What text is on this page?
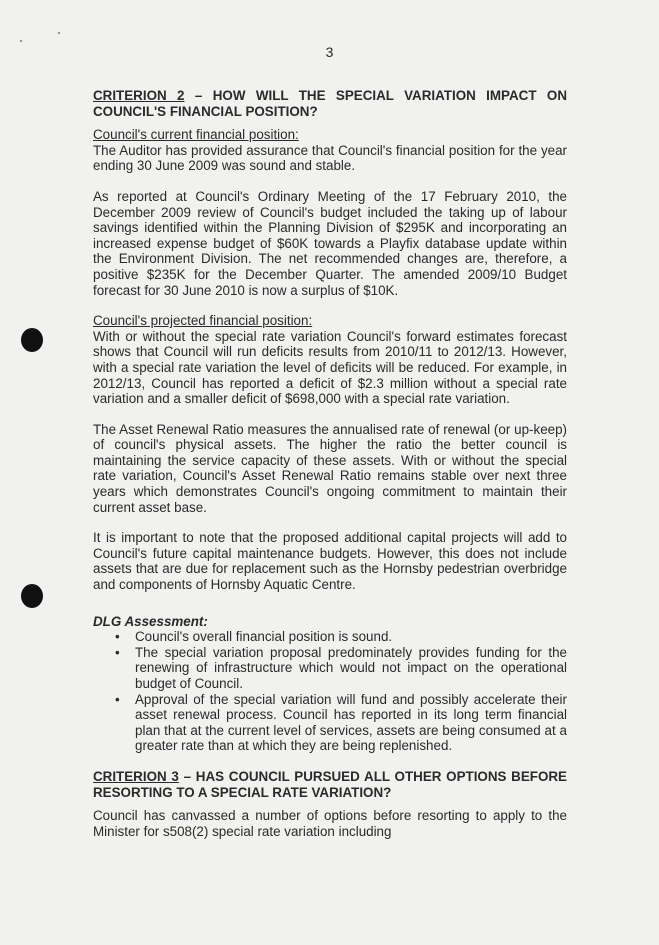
3

CRITERION 2 – HOW WILL THE SPECIAL VARIATION IMPACT ON COUNCIL'S FINANCIAL POSITION?

Council's current financial position:

The Auditor has provided assurance that Council's financial position for the year ending 30 June 2009 was sound and stable.

As reported at Council's Ordinary Meeting of the 17 February 2010, the December 2009 review of Council's budget included the taking up of labour savings identified within the Planning Division of $295K and incorporating an increased expense budget of $60K towards a Playfix database update within the Environment Division. The net recommended changes are, therefore, a positive $235K for the December Quarter. The amended 2009/10 Budget forecast for 30 June 2010 is now a surplus of $10K.

Council's projected financial position:

With or without the special rate variation Council's forward estimates forecast shows that Council will run deficits results from 2010/11 to 2012/13. However, with a special rate variation the level of deficits will be reduced. For example, in 2012/13, Council has reported a deficit of $2.3 million without a special rate variation and a smaller deficit of $698,000 with a special rate variation.

The Asset Renewal Ratio measures the annualised rate of renewal (or up-keep) of council's physical assets. The higher the ratio the better council is maintaining the service capacity of these assets. With or without the special rate variation, Council's Asset Renewal Ratio remains stable over next three years which demonstrates Council's ongoing commitment to maintain their current asset base.

It is important to note that the proposed additional capital projects will add to Council's future capital maintenance budgets. However, this does not include assets that are due for replacement such as the Hornsby pedestrian overbridge and components of Hornsby Aquatic Centre.

DLG Assessment:

• Council's overall financial position is sound.
• The special variation proposal predominately provides funding for the renewing of infrastructure which would not impact on the operational budget of Council.
• Approval of the special variation will fund and possibly accelerate their asset renewal process. Council has reported in its long term financial plan that at the current level of services, assets are being consumed at a greater rate than at which they are being replenished.

CRITERION 3 – HAS COUNCIL PURSUED ALL OTHER OPTIONS BEFORE RESORTING TO A SPECIAL RATE VARIATION?

Council has canvassed a number of options before resorting to apply to the Minister for s508(2) special rate variation including
